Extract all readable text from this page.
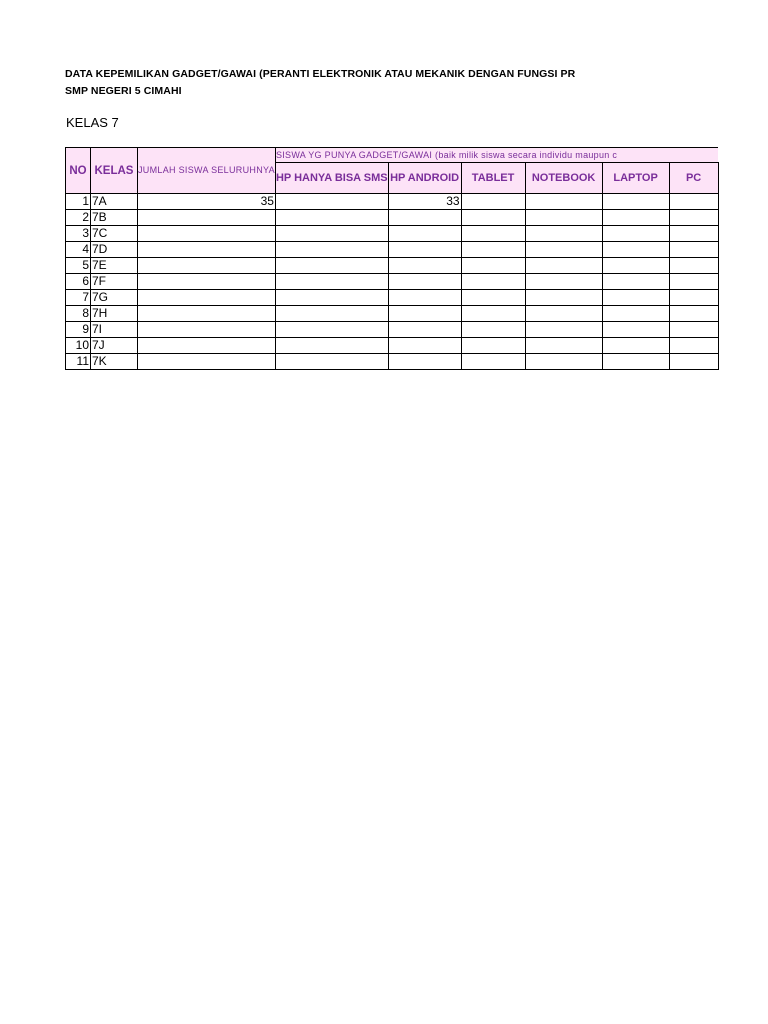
DATA KEPEMILIKAN GADGET/GAWAI (PERANTI ELEKTRONIK ATAU MEKANIK DENGAN FUNGSI PR
SMP NEGERI 5 CIMAHI
KELAS 7
NO	KELAS	JUMLAH SISWA SELURUHNYA	SISWA YG PUNYA GADGET/GAWAI (baik milik siswa secara individu maupun c					
			HP HANYA BISA SMS	HP ANDROID	TABLET	NOTEBOOK	LAPTOP	PC
1	7A	35		33				
2	7B							
3	7C							
4	7D							
5	7E							
6	7F							
7	7G							
8	7H							
9	7I							
10	7J							
11	7K							
